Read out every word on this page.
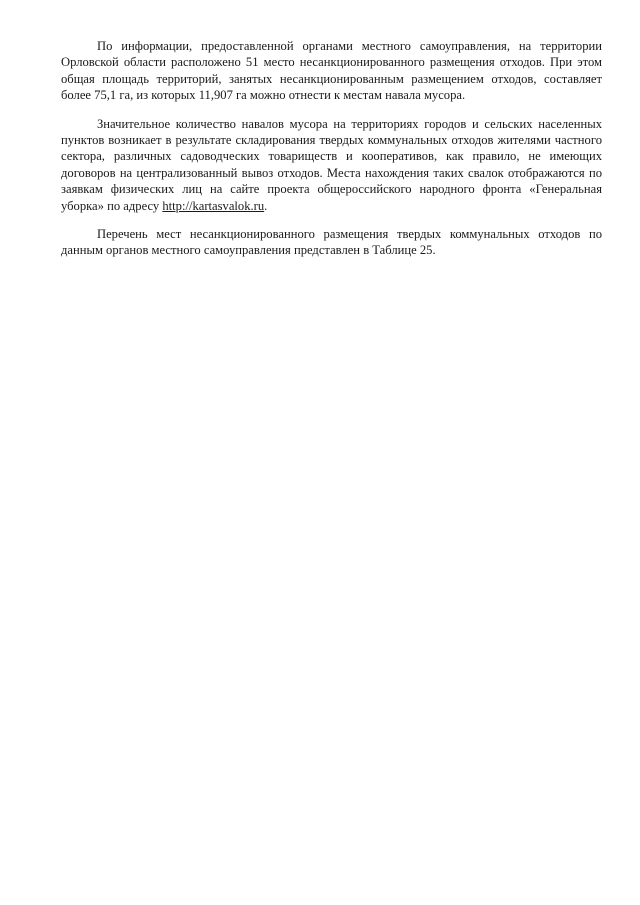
По информации, предоставленной органами местного самоуправления, на территории Орловской области расположено 51 место несанкционированного размещения отходов. При этом общая площадь территорий, занятых несанкционированным размещением отходов, составляет более 75,1 га, из которых 11,907 га можно отнести к местам навала мусора.

Значительное количество навалов мусора на территориях городов и сельских населенных пунктов возникает в результате складирования твердых коммунальных отходов жителями частного сектора, различных садоводческих товариществ и кооперативов, как правило, не имеющих договоров на централизованный вывоз отходов. Места нахождения таких свалок отображаются по заявкам физических лиц на сайте проекта общероссийского народного фронта «Генеральная уборка» по адресу http://kartasvalok.ru.

Перечень мест несанкционированного размещения твердых коммунальных отходов по данным органов местного самоуправления представлен в Таблице 25.
